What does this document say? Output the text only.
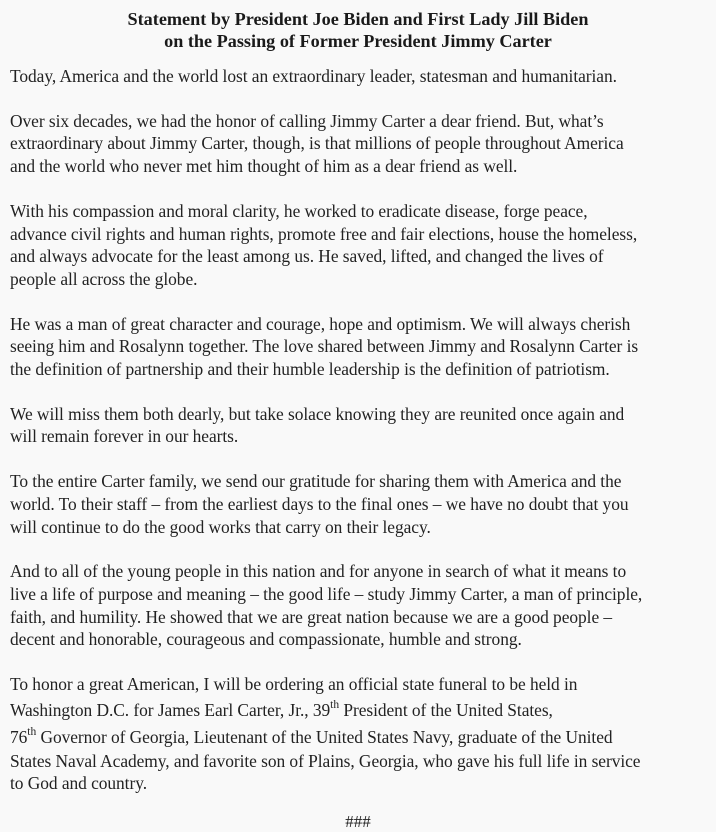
Statement by President Joe Biden and First Lady Jill Biden
on the Passing of Former President Jimmy Carter

Today, America and the world lost an extraordinary leader, statesman and humanitarian.

Over six decades, we had the honor of calling Jimmy Carter a dear friend. But, what’s
extraordinary about Jimmy Carter, though, is that millions of people throughout America
and the world who never met him thought of him as a dear friend as well.

With his compassion and moral clarity, he worked to eradicate disease, forge peace,
advance civil rights and human rights, promote free and fair elections, house the homeless,
and always advocate for the least among us. He saved, lifted, and changed the lives of
people all across the globe.

He was a man of great character and courage, hope and optimism. We will always cherish
seeing him and Rosalynn together. The love shared between Jimmy and Rosalynn Carter is
the definition of partnership and their humble leadership is the definition of patriotism.

We will miss them both dearly, but take solace knowing they are reunited once again and
will remain forever in our hearts.

To the entire Carter family, we send our gratitude for sharing them with America and the
world. To their staff – from the earliest days to the final ones – we have no doubt that you
will continue to do the good works that carry on their legacy.

And to all of the young people in this nation and for anyone in search of what it means to
live a life of purpose and meaning – the good life – study Jimmy Carter, a man of principle,
faith, and humility. He showed that we are great nation because we are a good people –
decent and honorable, courageous and compassionate, humble and strong.

To honor a great American, I will be ordering an official state funeral to be held in
Washington D.C. for James Earl Carter, Jr., 39th President of the United States,
76th Governor of Georgia, Lieutenant of the United States Navy, graduate of the United
States Naval Academy, and favorite son of Plains, Georgia, who gave his full life in service
to God and country.

###
